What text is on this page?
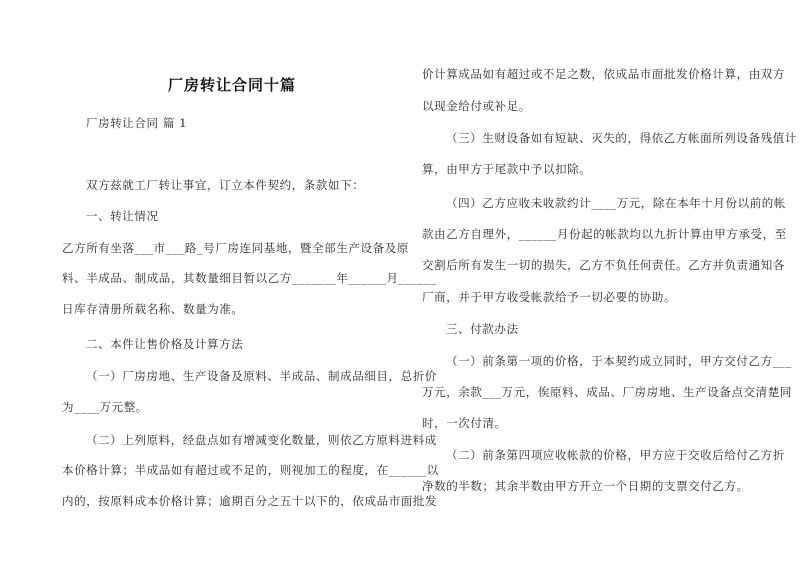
厂房转让合同十篇
厂房转让合同 篇 1
双方兹就工厂转让事宜，订立本件契约，条款如下：
一、转让情况
乙方所有坐落___市___路_号厂房连同基地，暨全部生产设备及原
料、半成品、制成品，其数量细目暂以乙方_______年______月______
日库存清册所载名称、数量为准。
二、本件让售价格及计算方法
（一）厂房房地、生产设备及原料、半成品、制成品细目，总折价
为____万元整。
（二）上列原料，经盘点如有增减变化数量，则依乙方原料进料成
本价格计算；半成品如有超过或不足的，则视加工的程度，在______以
内的，按原料成本价格计算；逾期百分之五十以下的，依成品市面批发
价计算成品如有超过或不足之数，依成品市面批发价格计算，由双方
以现金给付或补足。
（三）生财设备如有短缺、灭失的，得依乙方帐面所列设备残值计
算，由甲方于尾款中予以扣除。
（四）乙方应收未收款约计____万元，除在本年十月份以前的帐
款由乙方自理外，______月份起的帐款均以九折计算由甲方承受，至
交割后所有发生一切的损失，乙方不负任何责任。乙方并负责通知各
厂商，并于甲方收受帐款给予一切必要的协助。
三、付款办法
（一）前条第一项的价格，于本契约成立同时，甲方交付乙方___
万元，余款___万元，俟原料、成品、厂房房地、生产设备点交清楚同
时，一次付清。
（二）前条第四项应收帐款的价格，甲方应于交收后给付乙方折
净数的半数；其余半数由甲方开立一个日期的支票交付乙方。
